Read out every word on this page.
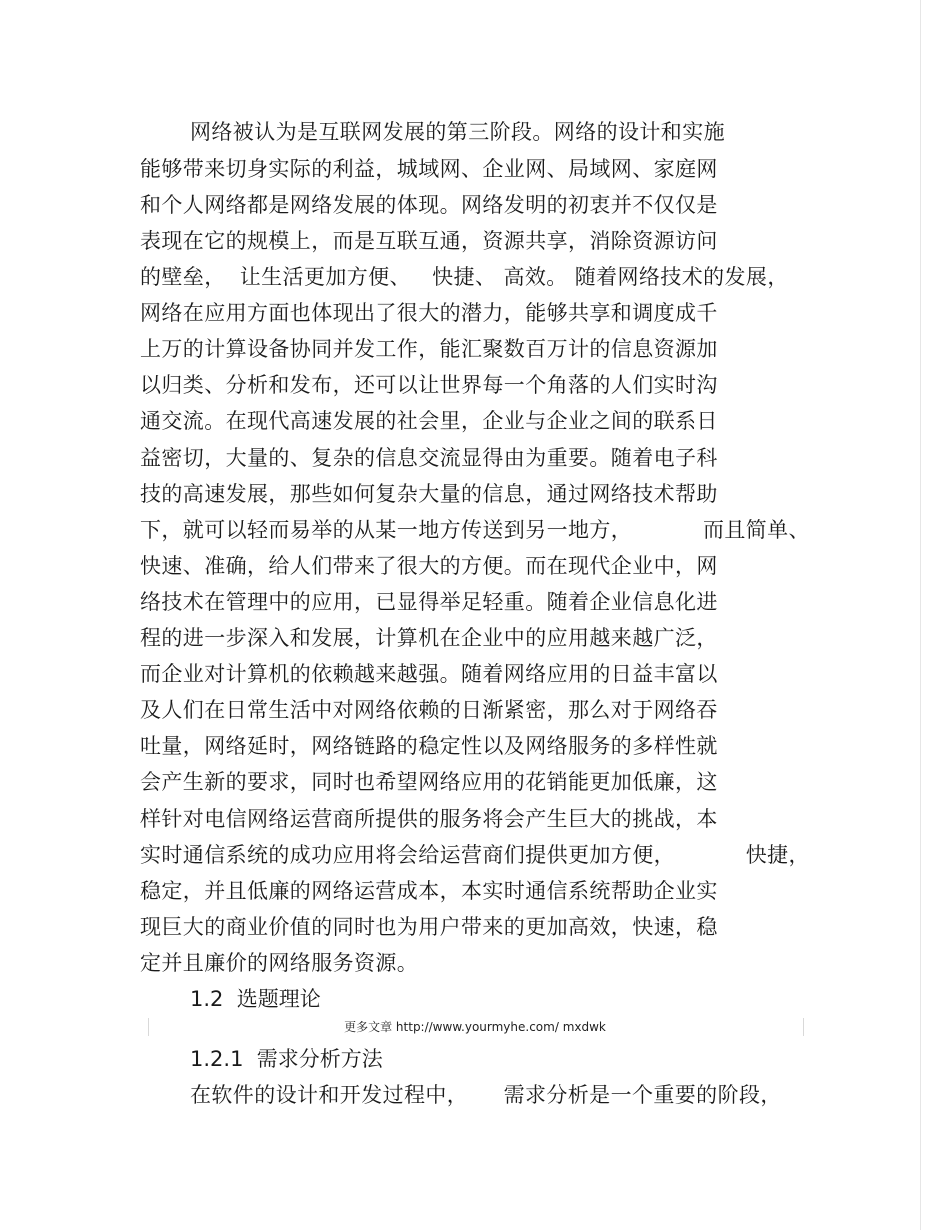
网络被认为是互联网发展的第三阶段。网络的设计和实施
能够带来切身实际的利益，城域网、企业网、局域网、家庭网
和个人网络都是网络发展的体现。网络发明的初衷并不仅仅是
表现在它的规模上，而是互联互通，资源共享，消除资源访问
的壁垒，  让生活更加方便、   快捷、 高效。 随着网络技术的发展，
网络在应用方面也体现出了很大的潜力，能够共享和调度成千
上万的计算设备协同并发工作，能汇聚数百万计的信息资源加
以归类、分析和发布，还可以让世界每一个角落的人们实时沟
通交流。在现代高速发展的社会里，企业与企业之间的联系日
益密切，大量的、复杂的信息交流显得由为重要。随着电子科
技的高速发展，那些如何复杂大量的信息，通过网络技术帮助
下，就可以轻而易举的从某一地方传送到另一地方，          而且简单、
快速、准确，给人们带来了很大的方便。而在现代企业中，网
络技术在管理中的应用，已显得举足轻重。随着企业信息化进
程的进一步深入和发展，计算机在企业中的应用越来越广泛，
而企业对计算机的依赖越来越强。随着网络应用的日益丰富以
及人们在日常生活中对网络依赖的日渐紧密，那么对于网络吞
吐量，网络延时，网络链路的稳定性以及网络服务的多样性就
会产生新的要求，同时也希望网络应用的花销能更加低廉，这
样针对电信网络运营商所提供的服务将会产生巨大的挑战，本
实时通信系统的成功应用将会给运营商们提供更加方便，          快捷，
稳定，并且低廉的网络运营成本，本实时通信系统帮助企业实
现巨大的商业价值的同时也为用户带来的更加高效，快速，稳
定并且廉价的网络服务资源。
1.2  选题理论
更多文章 http://www.yourmyhe.com/ mxdwk
1.2.1  需求分析方法
在软件的设计和开发过程中，     需求分析是一个重要的阶段，
